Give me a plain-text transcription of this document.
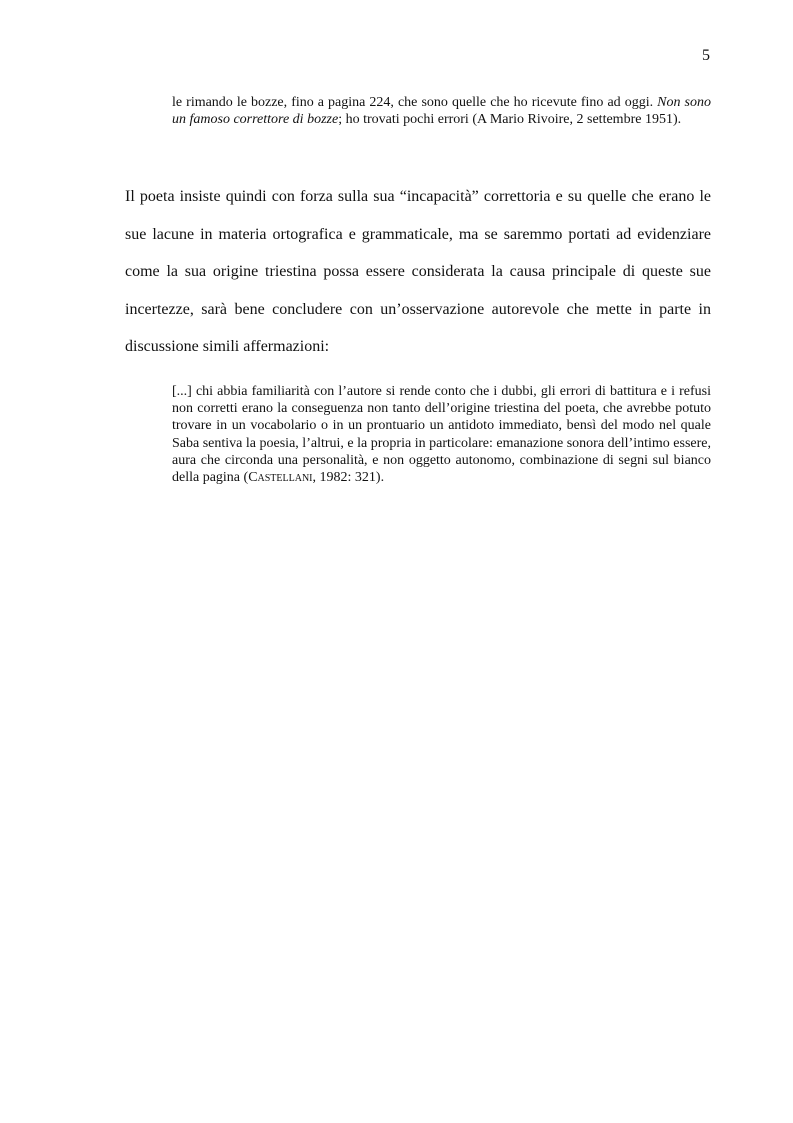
5

le rimando le bozze, fino a pagina 224, che sono quelle che ho ricevute fino ad oggi. Non sono un famoso correttore di bozze; ho trovati pochi errori (A Mario Rivoire, 2 settembre 1951).

Il poeta insiste quindi con forza sulla sua “incapacità” correttoria e su quelle che erano le sue lacune in materia ortografica e grammaticale, ma se saremmo portati ad evidenziare come la sua origine triestina possa essere considerata la causa principale di queste sue incertezze, sarà bene concludere con un’osservazione autorevole che mette in parte in discussione simili affermazioni:

[...] chi abbia familiarità con l’autore si rende conto che i dubbi, gli errori di battitura e i refusi non corretti erano la conseguenza non tanto dell’origine triestina del poeta, che avrebbe potuto trovare in un vocabolario o in un prontuario un antidoto immediato, bensì del modo nel quale Saba sentiva la poesia, l’altrui, e la propria in particolare: emanazione sonora dell’intimo essere, aura che circonda una personalità, e non oggetto autonomo, combinazione di segni sul bianco della pagina (Castellani, 1982: 321).
